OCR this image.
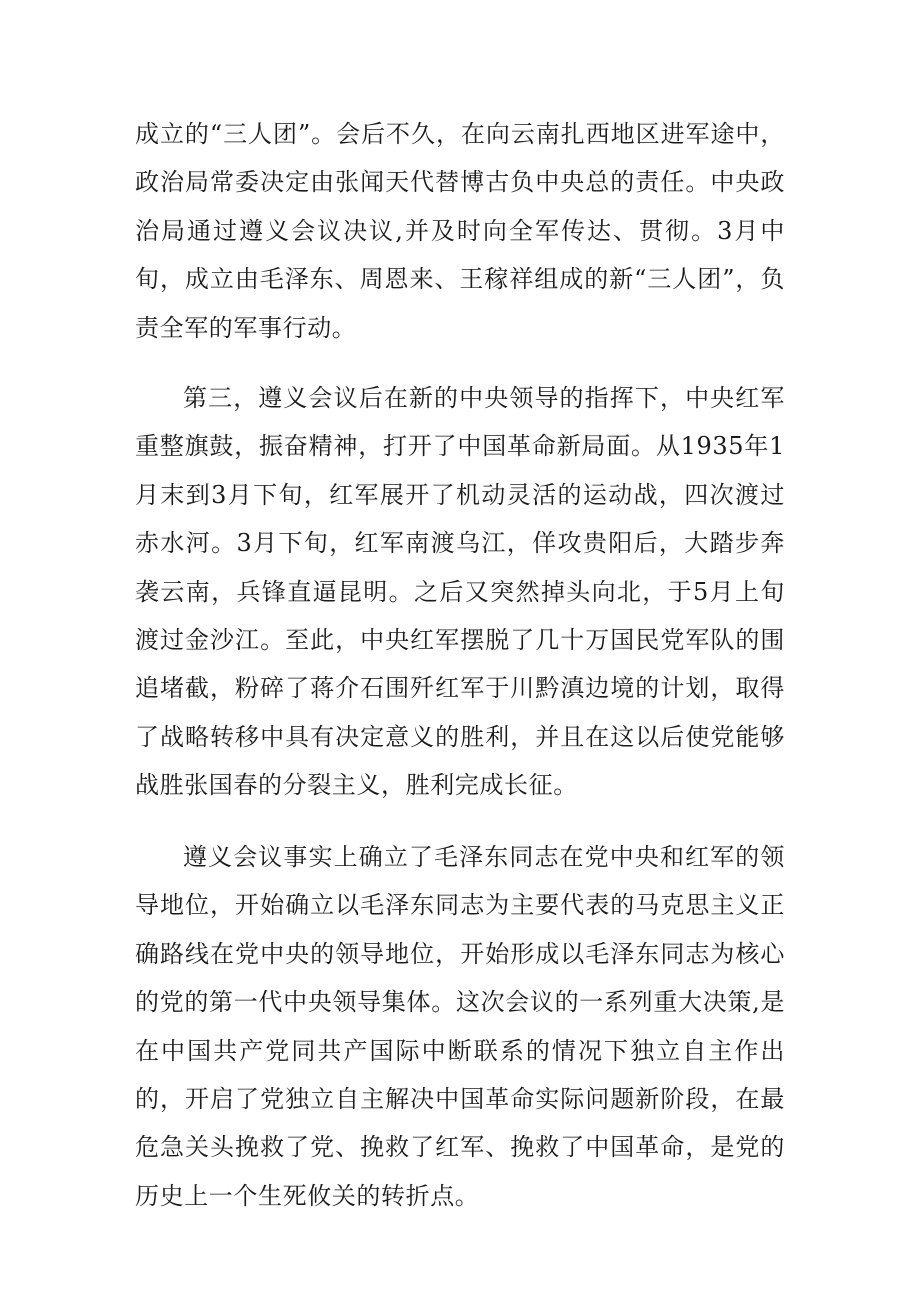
成立的“三人团”。会后不久，在向云南扎西地区进军途中，政治局常委决定由张闻天代替博古负中央总的责任。中央政治局通过遵义会议决议,并及时向全军传达、贯彻。3月中旬，成立由毛泽东、周恩来、王稼祥组成的新“三人团”，负责全军的军事行动。

第三，遵义会议后在新的中央领导的指挥下，中央红军重整旗鼓，振奋精神，打开了中国革命新局面。从1935年1月末到3月下旬，红军展开了机动灵活的运动战，四次渡过赤水河。3月下旬，红军南渡乌江，佯攻贵阳后，大踏步奔袭云南，兵锋直逼昆明。之后又突然掉头向北，于5月上旬渡过金沙江。至此，中央红军摆脱了几十万国民党军队的围追堵截，粉碎了蒋介石围歼红军于川黔滇边境的计划，取得了战略转移中具有决定意义的胜利，并且在这以后使党能够战胜张国春的分裂主义，胜利完成长征。

遵义会议事实上确立了毛泽东同志在党中央和红军的领导地位，开始确立以毛泽东同志为主要代表的马克思主义正确路线在党中央的领导地位，开始形成以毛泽东同志为核心的党的第一代中央领导集体。这次会议的一系列重大决策,是在中国共产党同共产国际中断联系的情况下独立自主作出的，开启了党独立自主解决中国革命实际问题新阶段，在最危急关头挽救了党、挽救了红军、挽救了中国革命，是党的历史上一个生死攸关的转折点。
